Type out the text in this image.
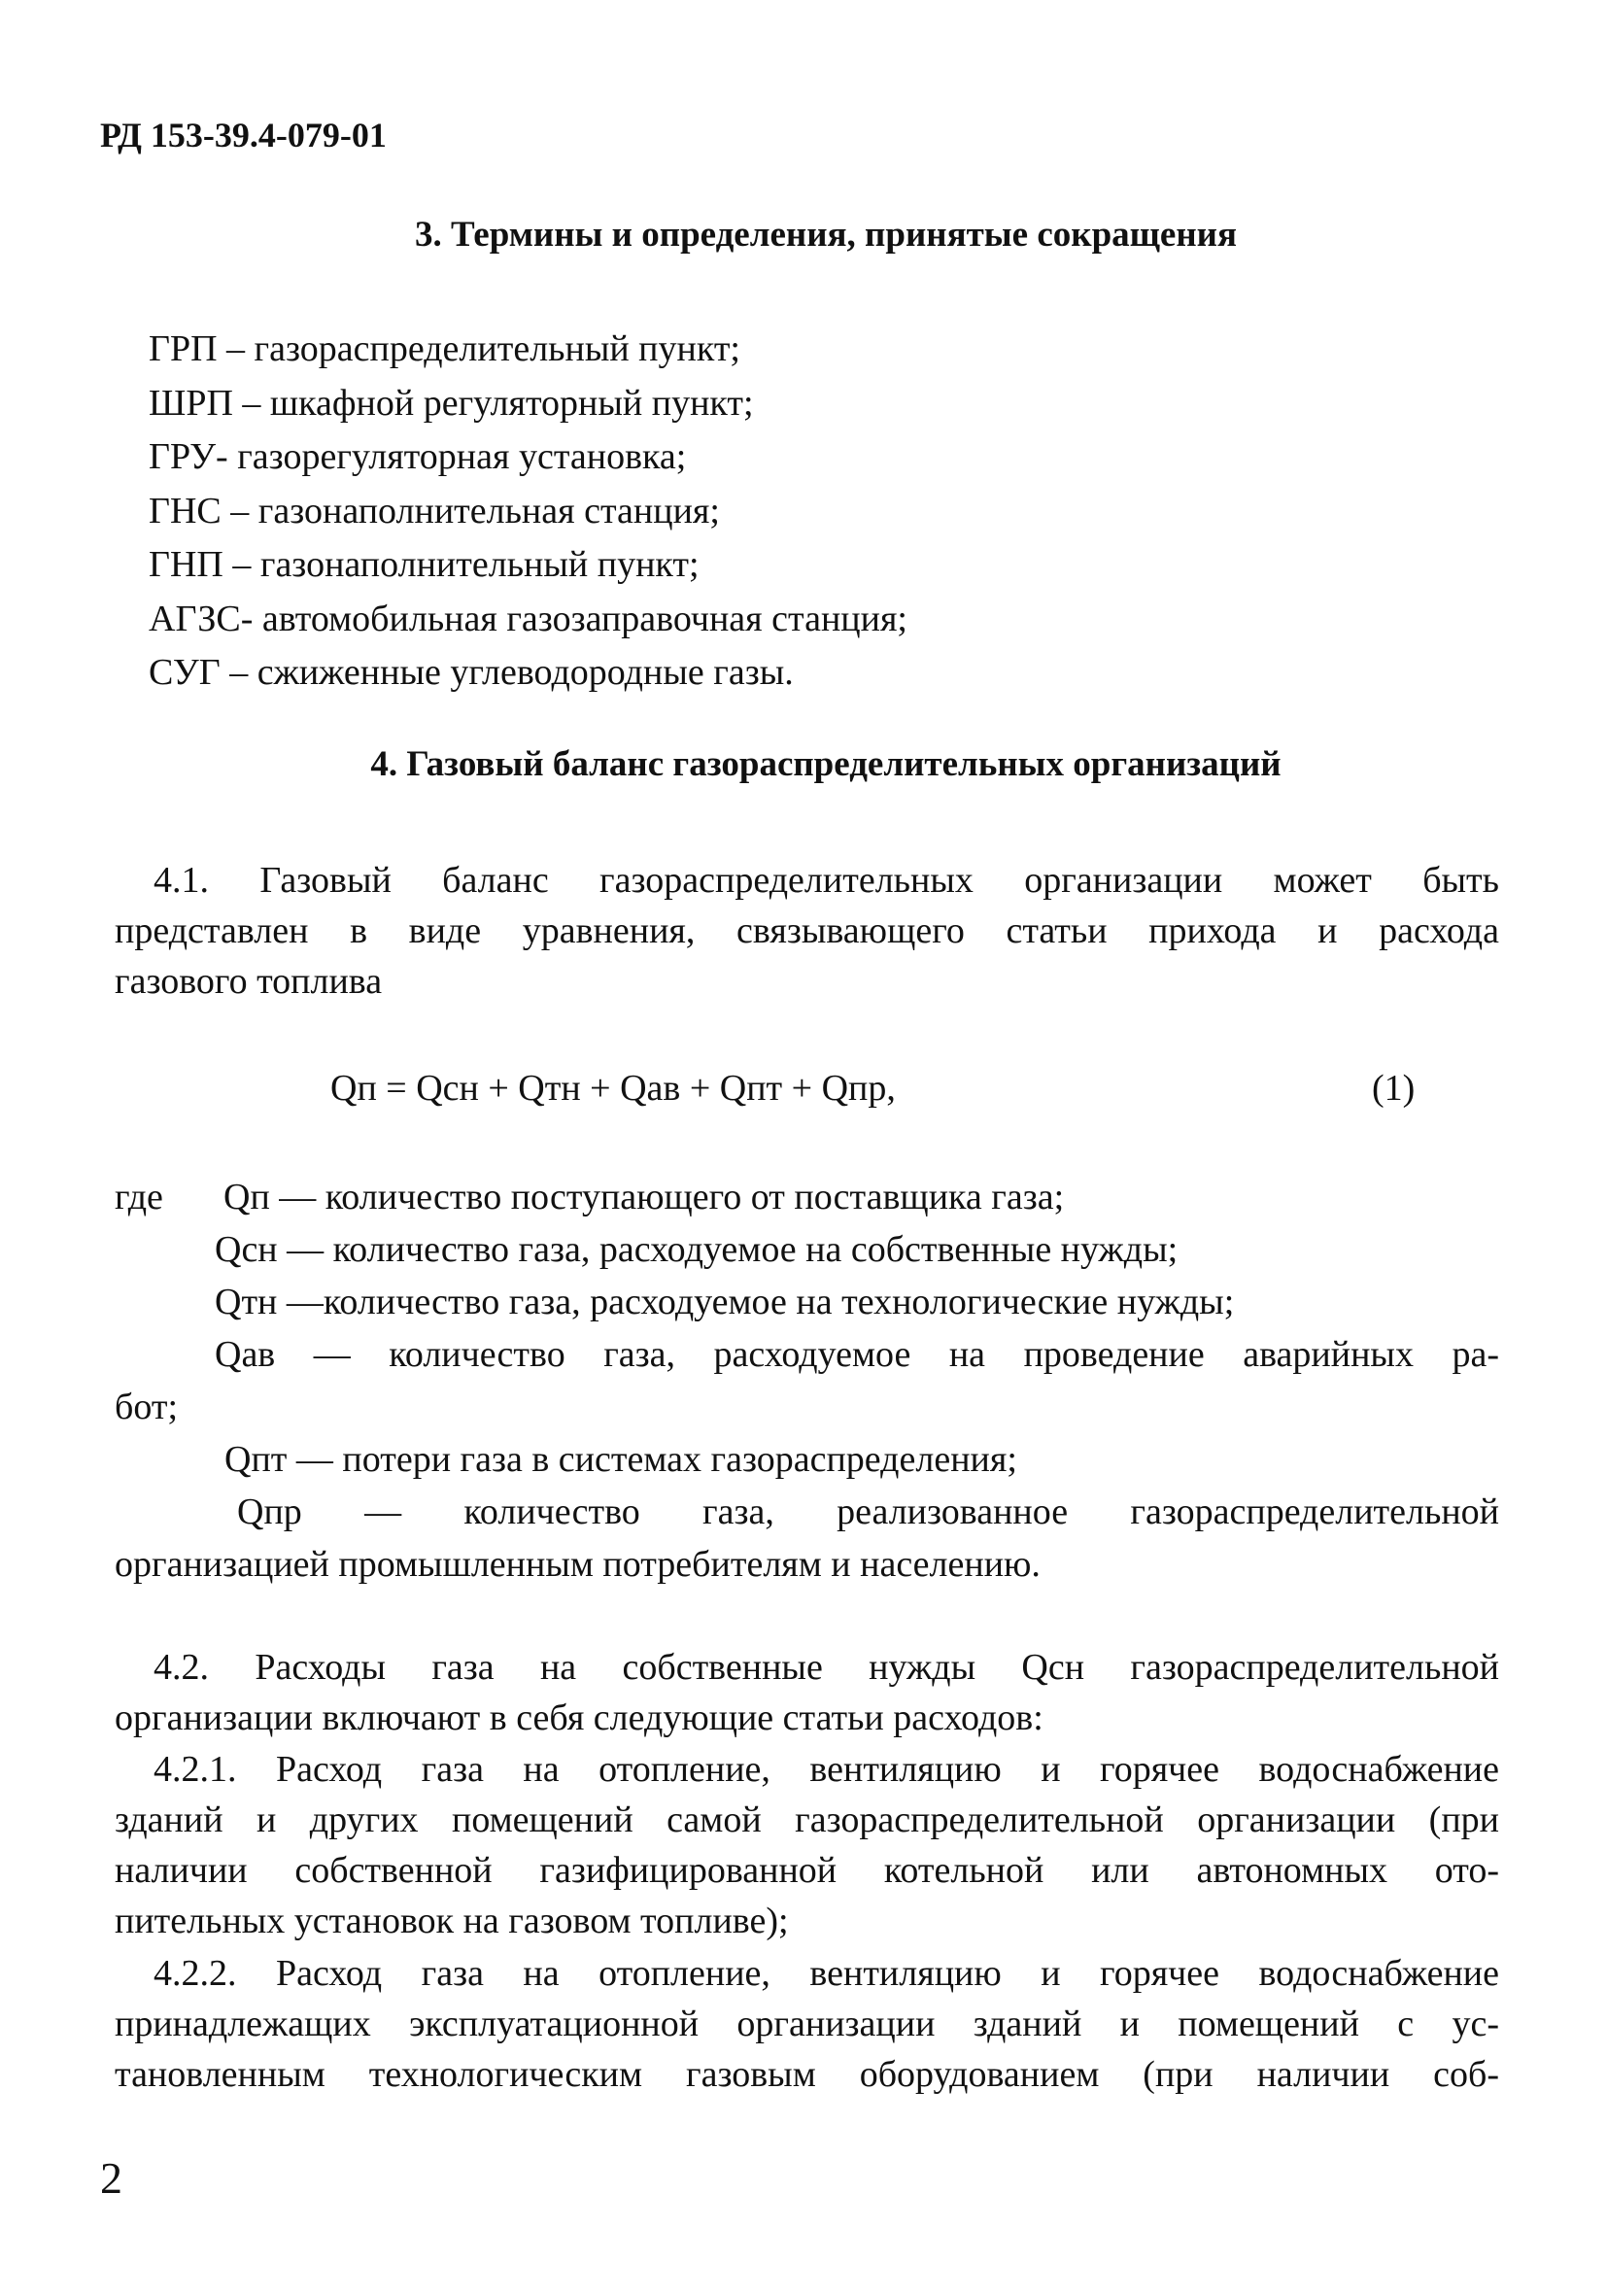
РД 153-39.4-079-01
3. Термины и определения, принятые сокращения
ГРП – газораспределительный пункт;
ШРП – шкафной регуляторный пункт;
ГРУ- газорегуляторная установка;
ГНС – газонаполнительная станция;
ГНП – газонаполнительный пункт;
АГЗС- автомобильная газозаправочная станция;
СУГ – сжиженные углеводородные газы.
4. Газовый баланс газораспределительных организаций
4.1. Газовый баланс газораспределительных организации может быть
представлен в виде уравнения, связывающего статьи прихода и расхода
газового топлива
Qп = Qсн + Qтн + Qав + Qпт + Qпр,	(1)
где Qп — количество поступающего от поставщика газа;
Qсн — количество газа, расходуемое на собственные нужды;
Qтн —количество газа, расходуемое на технологические нужды;
Qав — количество газа, расходуемое на проведение аварийных ра-
бот;
Qпт — потери газа в системах газораспределения;
Qпр — количество газа, реализованное газораспределительной
организацией промышленным потребителям и населению.
4.2. Расходы газа на собственные нужды Qсн газораспределительной
организации включают в себя следующие статьи расходов:
4.2.1. Расход газа на отопление, вентиляцию и горячее водоснабжение
зданий и других помещений самой газораспределительной организации (при
наличии собственной газифицированной котельной или автономных ото-
пительных установок на газовом топливе);
4.2.2. Расход газа на отопление, вентиляцию и горячее водоснабжение
принадлежащих эксплуатационной организации зданий и помещений с ус-
тановленным технологическим газовым оборудованием (при наличии соб-
2
